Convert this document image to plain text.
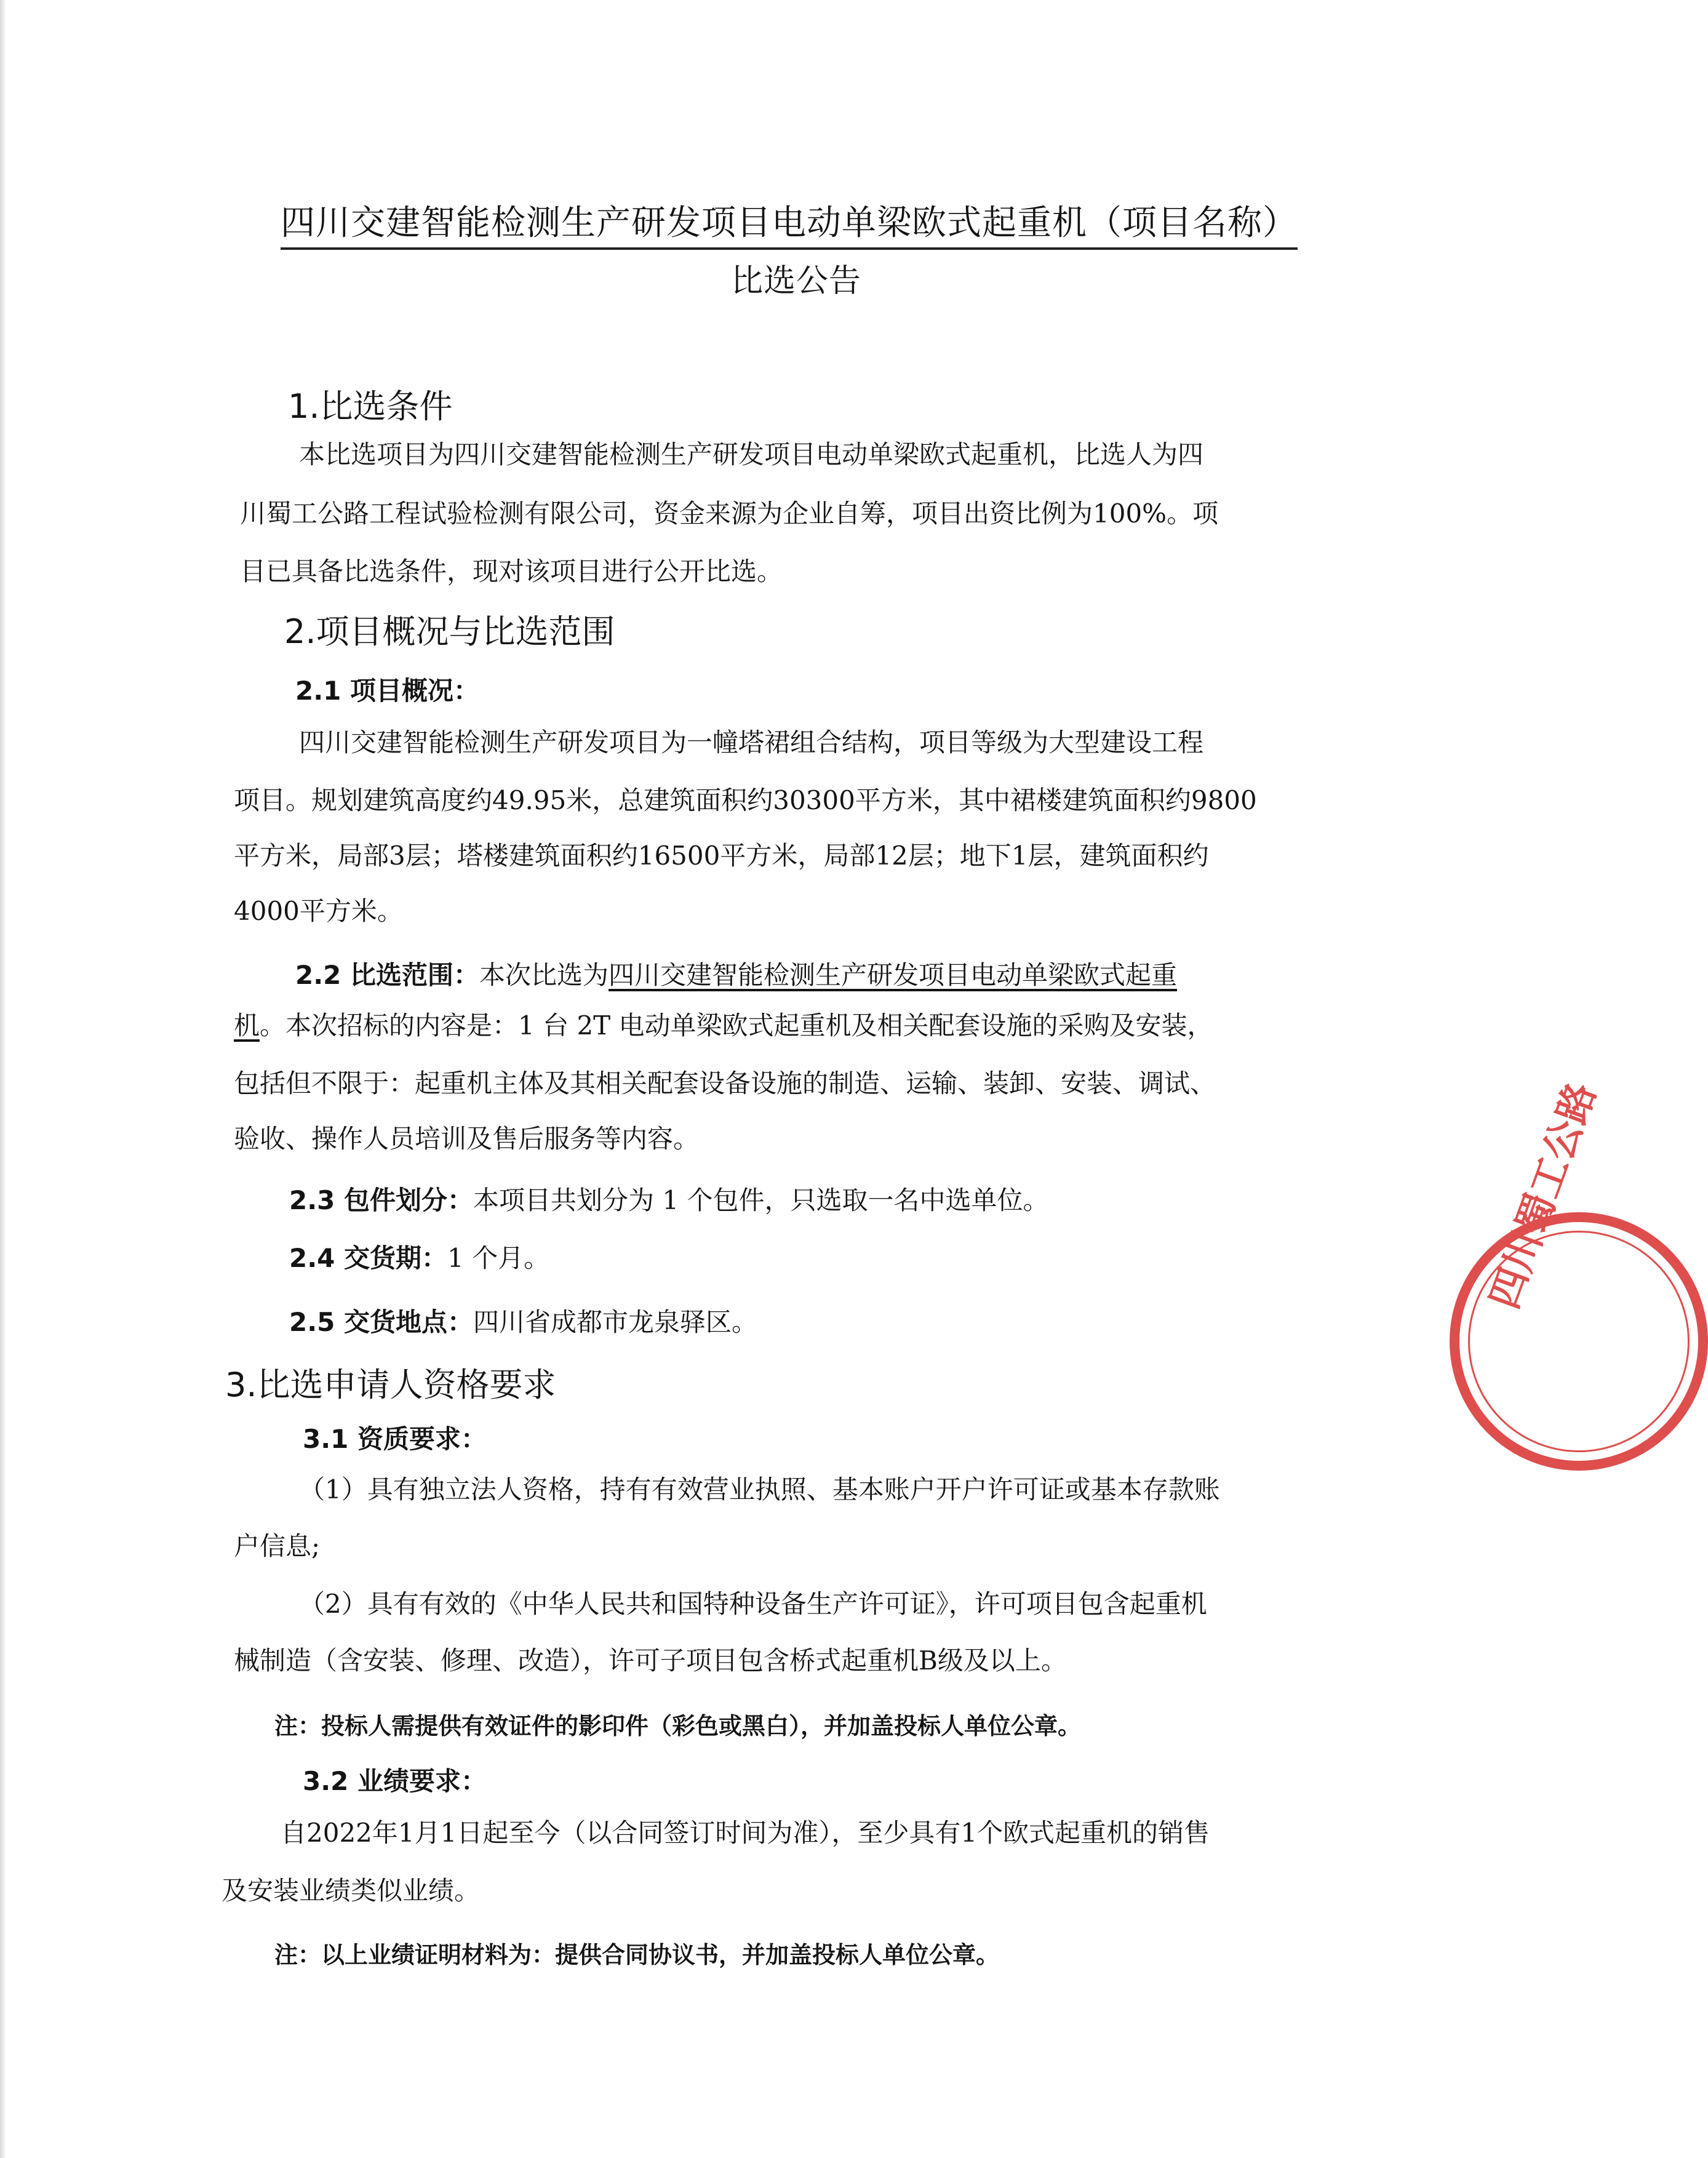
四川交建智能检测生产研发项目电动单梁欧式起重机（项目名称）
比选公告
1.比选条件
本比选项目为四川交建智能检测生产研发项目电动单梁欧式起重机，比选人为四
川蜀工公路工程试验检测有限公司，资金来源为企业自筹，项目出资比例为100%。项
目已具备比选条件，现对该项目进行公开比选。
2.项目概况与比选范围
2.1 项目概况：
四川交建智能检测生产研发项目为一幢塔裙组合结构，项目等级为大型建设工程
项目。规划建筑高度约49.95米，总建筑面积约30300平方米，其中裙楼建筑面积约9800
平方米，局部3层；塔楼建筑面积约16500平方米，局部12层；地下1层，建筑面积约
4000平方米。
2.2 比选范围：本次比选为四川交建智能检测生产研发项目电动单梁欧式起重
机。本次招标的内容是：1 台 2T 电动单梁欧式起重机及相关配套设施的采购及安装，
包括但不限于：起重机主体及其相关配套设备设施的制造、运输、装卸、安装、调试、
验收、操作人员培训及售后服务等内容。
2.3 包件划分：本项目共划分为 1 个包件，只选取一名中选单位。
2.4 交货期：1 个月。
2.5 交货地点：四川省成都市龙泉驿区。
3.比选申请人资格要求
3.1 资质要求：
（1）具有独立法人资格，持有有效营业执照、基本账户开户许可证或基本存款账
户信息;
（2）具有有效的《中华人民共和国特种设备生产许可证》，许可项目包含起重机
械制造（含安装、修理、改造），许可子项目包含桥式起重机B级及以上。
注：投标人需提供有效证件的影印件（彩色或黑白），并加盖投标人单位公章。
3.2 业绩要求：
自2022年1月1日起至今（以合同签订时间为准），至少具有1个欧式起重机的销售
及安装业绩类似业绩。
注：以上业绩证明材料为：提供合同协议书，并加盖投标人单位公章。
四川蜀工公路
